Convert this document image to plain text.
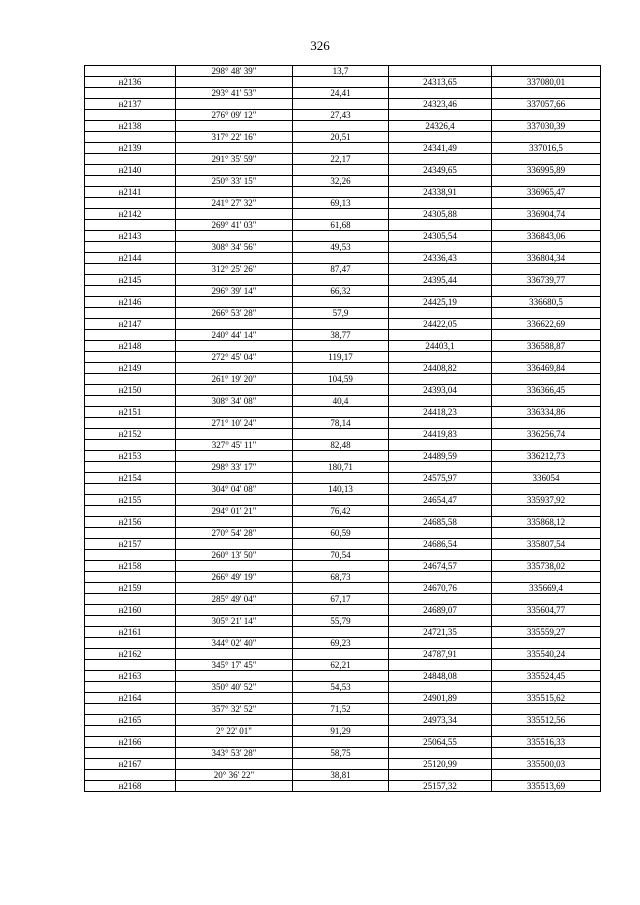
326
	298° 48' 39"	13,7		
н2136			24313,65	337080,01
	293° 41' 53"	24,41		
н2137			24323,46	337057,66
	276° 09' 12"	27,43		
н2138			24326,4	337030,39
	317° 22' 16"	20,51		
н2139			24341,49	337016,5
	291° 35' 59"	22,17		
н2140			24349,65	336995,89
	250° 33' 15"	32,26		
н2141			24338,91	336965,47
	241° 27' 32"	69,13		
н2142			24305,88	336904,74
	269° 41' 03"	61,68		
н2143			24305,54	336843,06
	308° 34' 56"	49,53		
н2144			24336,43	336804,34
	312° 25' 26"	87,47		
н2145			24395,44	336739,77
	296° 39' 14"	66,32		
н2146			24425,19	336680,5
	266° 53' 28"	57,9		
н2147			24422,05	336622,69
	240° 44' 14"	38,77		
н2148			24403,1	336588,87
	272° 45' 04"	119,17		
н2149			24408,82	336469,84
	261° 19' 20"	104,59		
н2150			24393,04	336366,45
	308° 34' 08"	40,4		
н2151			24418,23	336334,86
	271° 10' 24"	78,14		
н2152			24419,83	336256,74
	327° 45' 11"	82,48		
н2153			24489,59	336212,73
	298° 33' 17"	180,71		
н2154			24575,97	336054
	304° 04' 08"	140,13		
н2155			24654,47	335937,92
	294° 01' 21"	76,42		
н2156			24685,58	335868,12
	270° 54' 28"	60,59		
н2157			24686,54	335807,54
	260° 13' 50"	70,54		
н2158			24674,57	335738,02
	266° 49' 19"	68,73		
н2159			24670,76	335669,4
	285° 49' 04"	67,17		
н2160			24689,07	335604,77
	305° 21' 14"	55,79		
н2161			24721,35	335559,27
	344° 02' 40"	69,23		
н2162			24787,91	335540,24
	345° 17' 45"	62,21		
н2163			24848,08	335524,45
	350° 40' 52"	54,53		
н2164			24901,89	335515,62
	357° 32' 52"	71,52		
н2165			24973,34	335512,56
	2° 22' 01"	91,29		
н2166			25064,55	335516,33
	343° 53' 28"	58,75		
н2167			25120,99	335500,03
	20° 36' 22"	38,81		
н2168			25157,32	335513,69
